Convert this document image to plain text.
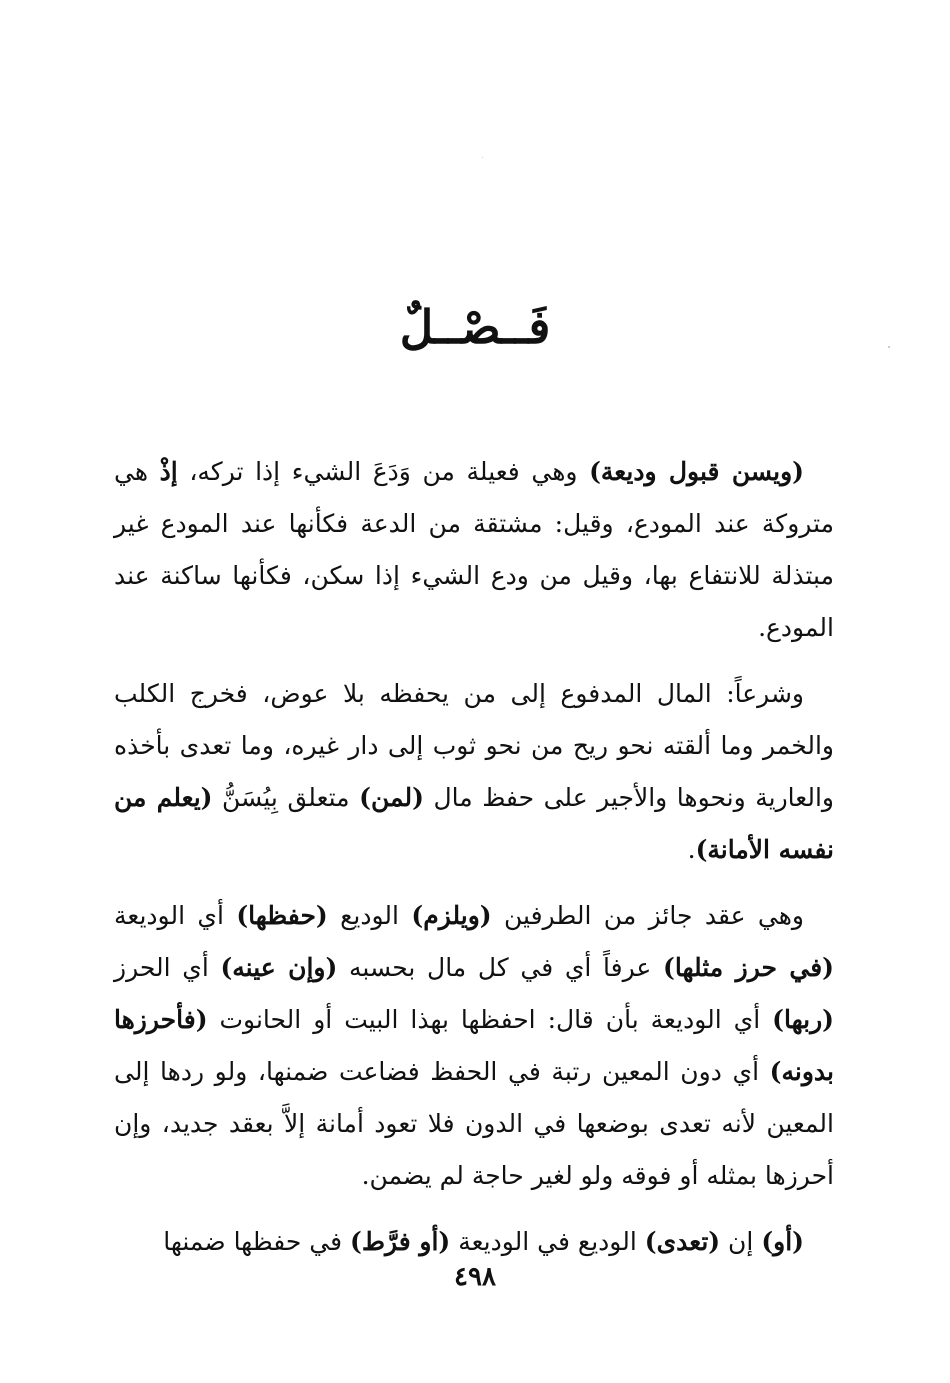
فَــصْــلٌ

(ويسن قبول وديعة) وهي فعيلة من وَدَعَ الشيء إذا تركه، إذْ هي متروكة عند المودع، وقيل: مشتقة من الدعة فكأنها عند المودع غير مبتذلة للانتفاع بها، وقيل من ودع الشيء إذا سكن، فكأنها ساكنة عند المودع.

وشرعاً: المال المدفوع إلى من يحفظه بلا عوض، فخرج الكلب والخمر وما ألقته نحو ريح من نحو ثوب إلى دار غيره، وما تعدى بأخذه والعارية ونحوها والأجير على حفظ مال (لمن) متعلق بِيُسَنُّ (يعلم من نفسه الأمانة).

وهي عقد جائز من الطرفين (ويلزم) الوديع (حفظها) أي الوديعة (في حرز مثلها) عرفاً أي في كل مال بحسبه (وإن عينه) أي الحرز (ربها) أي الوديعة بأن قال: احفظها بهذا البيت أو الحانوت (فأحرزها بدونه) أي دون المعين رتبة في الحفظ فضاعت ضمنها، ولو ردها إلى المعين لأنه تعدى بوضعها في الدون فلا تعود أمانة إلاَّ بعقد جديد، وإن أحرزها بمثله أو فوقه ولو لغير حاجة لم يضمن.

(أو) إن (تعدى) الوديع في الوديعة (أو فرَّط) في حفظها ضمنها

٤٩٨
